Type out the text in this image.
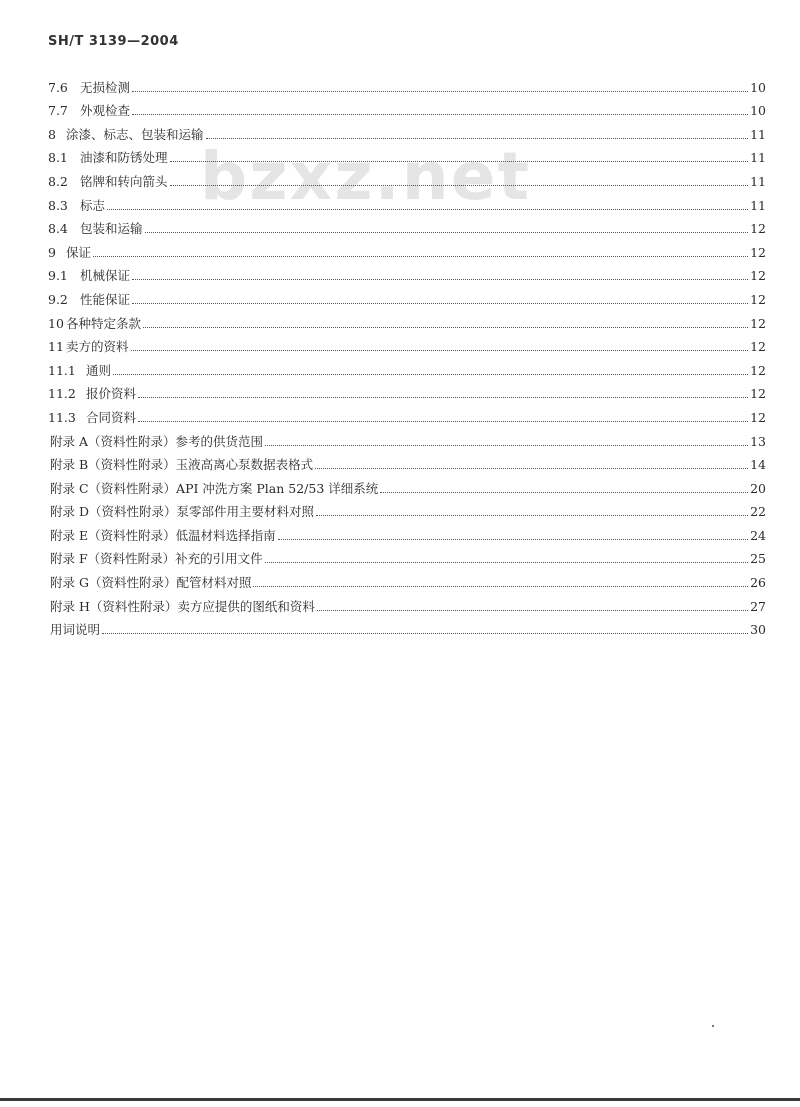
SH/T 3139—2004
bzxz.net
7.6 无损检测	10
7.7 外观检查	10
8 涂漆、标志、包装和运输	11
8.1 油漆和防锈处理	11
8.2 铭牌和转向箭头	11
8.3 标志	11
8.4 包装和运输	12
9 保证	12
9.1 机械保证	12
9.2 性能保证	12
10 各种特定条款	12
11 卖方的资料	12
11.1 通则	12
11.2 报价资料	12
11.3 合同资料	12
附录 A（资料性附录）参考的供货范围	13
附录 B（资料性附录）玉液高离心泵数据表格式	14
附录 C（资料性附录）API 冲洗方案 Plan 52/53 详细系统	20
附录 D（资料性附录）泵零部件用主要材料对照	22
附录 E（资料性附录）低温材料选择指南	24
附录 F（资料性附录）补充的引用文件	25
附录 G（资料性附录）配管材料对照	26
附录 H（资料性附录）卖方应提供的图纸和资料	27
用词说明	30
